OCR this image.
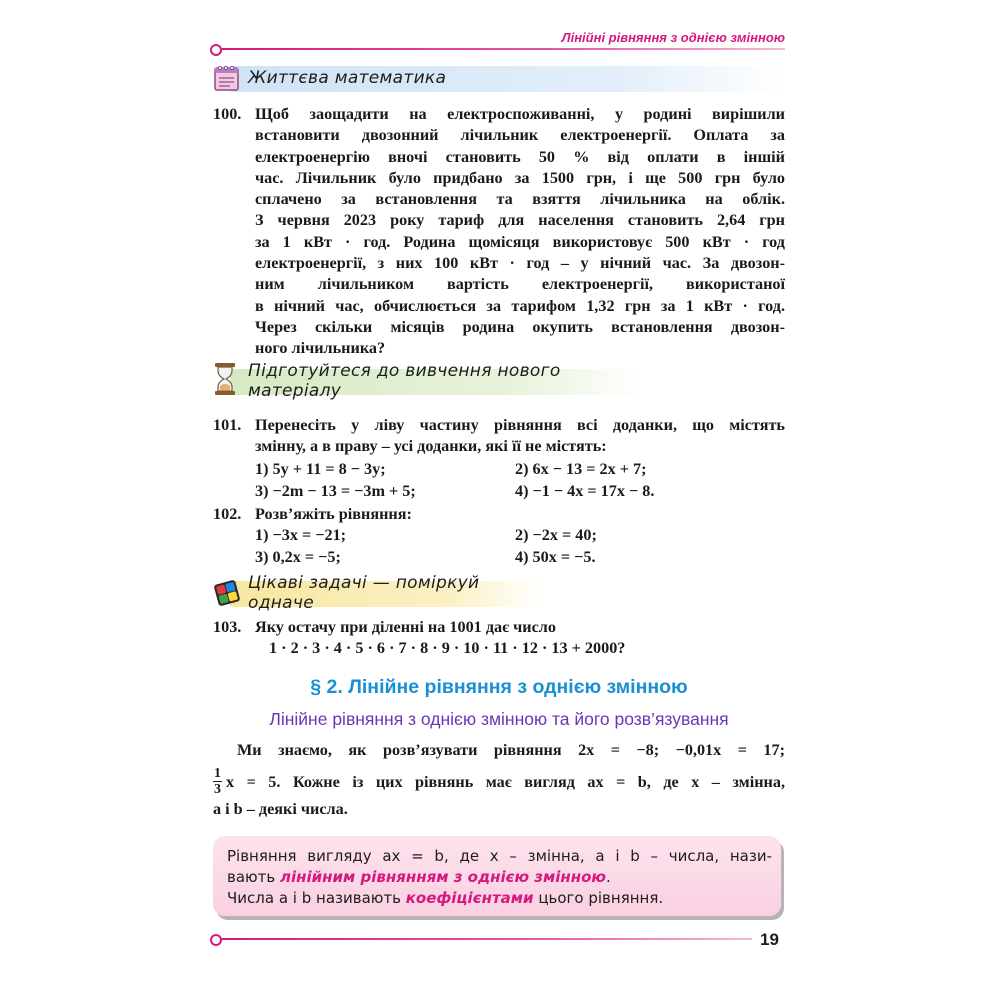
Лінійні рівняння з однією змінною
Життєва математика
100. Щоб заощадити на електроспоживанні, у родині вирішили
встановити двозонний лічильник електроенергії. Оплата за
електроенергію вночі становить 50 % від оплати в іншій
час. Лічильник було придбано за 1500 грн, і ще 500 грн було
сплачено за встановлення та взяття лічильника на облік.
З червня 2023 року тариф для населення становить 2,64 грн
за 1 кВт · год. Родина щомісяця використовує 500 кВт · год
електроенергії, з них 100 кВт · год – у нічний час. За двозон-
ним лічильником вартість електроенергії, використаної
в нічний час, обчислюється за тарифом 1,32 грн за 1 кВт · год.
Через скільки місяців родина окупить встановлення двозон-
ного лічильника?
Підготуйтеся до вивчення нового матеріалу
101. Перенесіть у ліву частину рівняння всі доданки, що містять
змінну, а в праву – усі доданки, які її не містять:
1) 5y + 11 = 8 − 3y;	2) 6x − 13 = 2x + 7;
3) −2m − 13 = −3m + 5;	4) −1 − 4x = 17x − 8.
102. Розв’яжіть рівняння:
1) −3x = −21;	2) −2x = 40;
3) 0,2x = −5;	4) 50x = −5.
Цікаві задачі — поміркуй одначе
103. Яку остачу при діленні на 1001 дає число
1 · 2 · 3 · 4 · 5 · 6 · 7 · 8 · 9 · 10 · 11 · 12 · 13 + 2000?
§ 2. Лінійне рівняння з однією змінною
Лінійне рівняння з однією змінною та його розв’язування
Ми знаємо, як розв’язувати рівняння 2x = −8; −0,01x = 17;
$\frac{1}{3}$ x = 5. Кожне із цих рівнянь має вигляд ax = b, де x – змінна,
a і b – деякі числа.
Рівняння вигляду ax = b, де x – змінна, a і b – числа, нази-
вають лінійним рівнянням з однією змінною.
Числа a і b називають коефіцієнтами цього рівняння.
19
